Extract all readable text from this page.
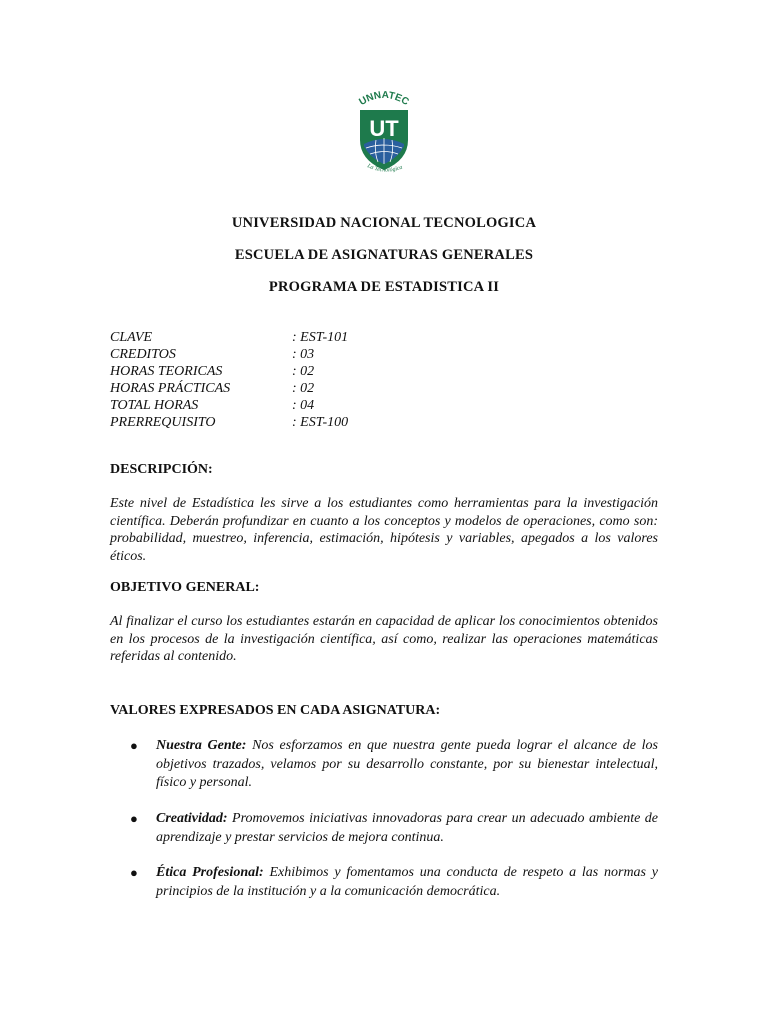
UNNATEC
UT
La Tecnológica
UNIVERSIDAD NACIONAL TECNOLOGICA
ESCUELA DE ASIGNATURAS GENERALES
PROGRAMA DE ESTADISTICA II
CLAVE	: EST-101
CREDITOS	: 03
HORAS TEORICAS	: 02
HORAS PRÁCTICAS	: 02
TOTAL HORAS	: 04
PRERREQUISITO	: EST-100
DESCRIPCIÓN:
Este nivel de Estadística les sirve a los estudiantes como herramientas para la investigación científica. Deberán profundizar en cuanto a los conceptos y modelos de operaciones, como son: probabilidad, muestreo, inferencia, estimación, hipótesis y variables, apegados a los valores éticos.
OBJETIVO GENERAL:
Al finalizar el curso los estudiantes estarán en capacidad de aplicar los conocimientos obtenidos en los procesos de la investigación científica, así como, realizar las operaciones matemáticas referidas al contenido.
VALORES EXPRESADOS EN CADA ASIGNATURA:
● Nuestra Gente: Nos esforzamos en que nuestra gente pueda lograr el alcance de los objetivos trazados, velamos por su desarrollo constante, por su bienestar intelectual, físico y personal.
● Creatividad: Promovemos iniciativas innovadoras para crear un adecuado ambiente de aprendizaje y prestar servicios de mejora continua.
● Ética Profesional: Exhibimos y fomentamos una conducta de respeto a las normas y principios de la institución y a la comunicación democrática.
